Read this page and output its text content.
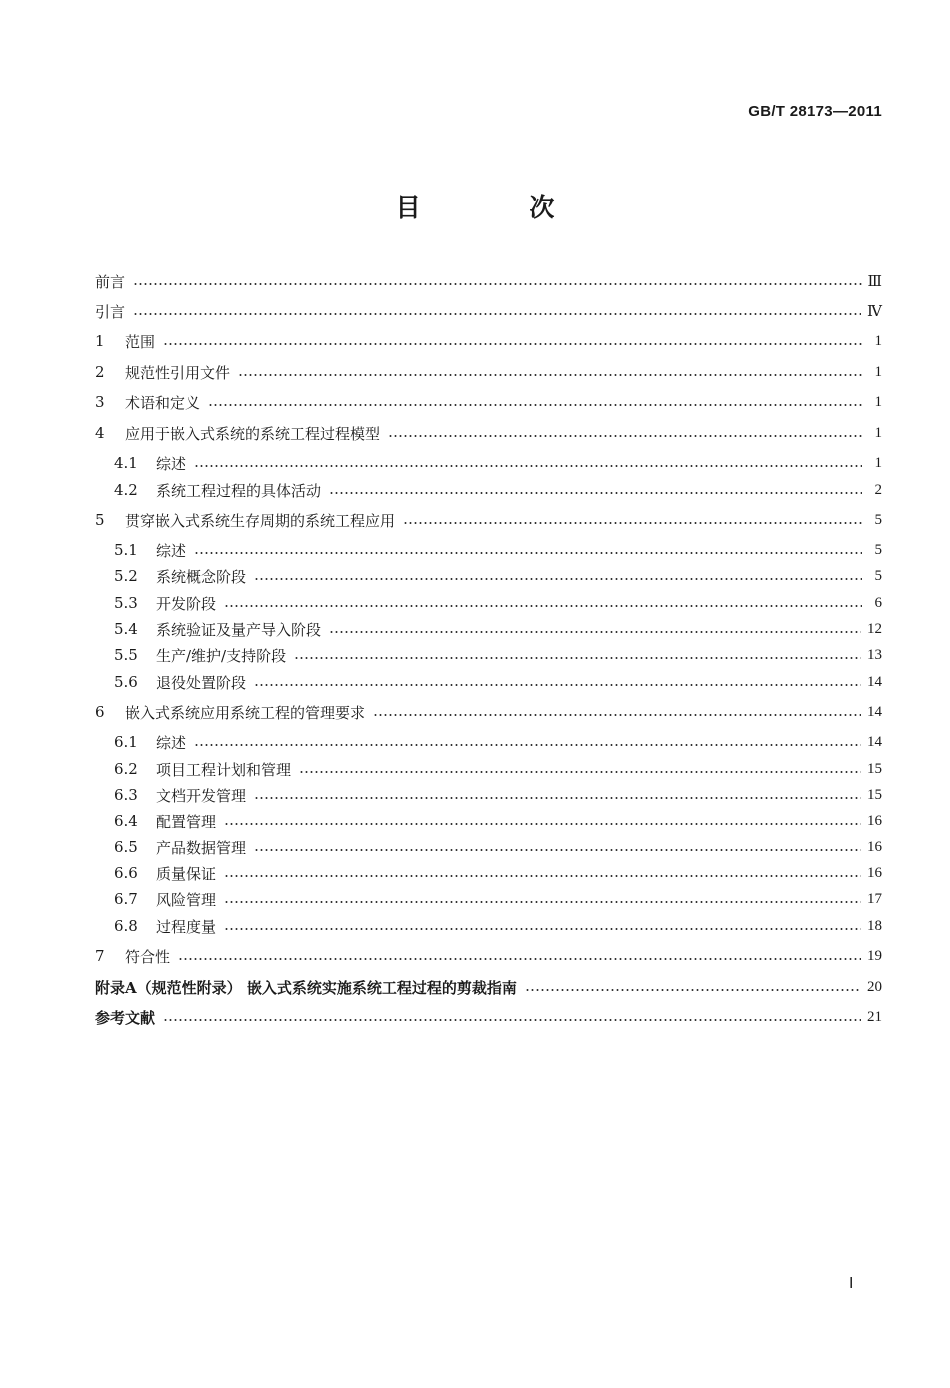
GB/T 28173—2011
目 次
前言	Ⅲ
引言	Ⅳ
1	范围	1
2	规范性引用文件	1
3	术语和定义	1
4	应用于嵌入式系统的系统工程过程模型	1
4.1	综述	1
4.2	系统工程过程的具体活动	2
5	贯穿嵌入式系统生存周期的系统工程应用	5
5.1	综述	5
5.2	系统概念阶段	5
5.3	开发阶段	6
5.4	系统验证及量产导入阶段	12
5.5	生产/维护/支持阶段	13
5.6	退役处置阶段	14
6	嵌入式系统应用系统工程的管理要求	14
6.1	综述	14
6.2	项目工程计划和管理	15
6.3	文档开发管理	15
6.4	配置管理	16
6.5	产品数据管理	16
6.6	质量保证	16
6.7	风险管理	17
6.8	过程度量	18
7	符合性	19
附录A（规范性附录） 嵌入式系统实施系统工程过程的剪裁指南	20
参考文献	21
Ⅰ
